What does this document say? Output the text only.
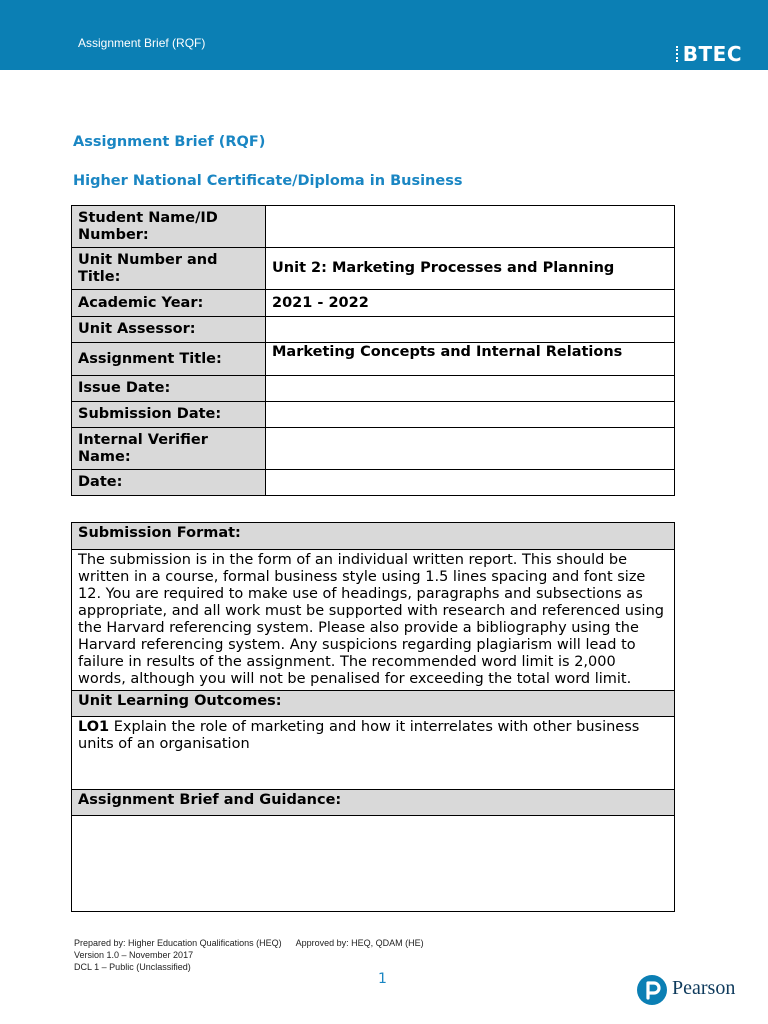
Assignment Brief (RQF)	BTEC
Assignment Brief (RQF)
Higher National Certificate/Diploma in Business
Student Name/ID Number:	
Unit Number and Title:	Unit 2: Marketing Processes and Planning
Academic Year:	2021 - 2022
Unit Assessor:	
Assignment Title:	Marketing Concepts and Internal Relations
Issue Date:	
Submission Date:	
Internal Verifier Name:	
Date:	
Submission Format:
The submission is in the form of an individual written report. This should be written in a course, formal business style using 1.5 lines spacing and font size 12. You are required to make use of headings, paragraphs and subsections as appropriate, and all work must be supported with research and referenced using the Harvard referencing system. Please also provide a bibliography using the Harvard referencing system. Any suspicions regarding plagiarism will lead to failure in results of the assignment. The recommended word limit is 2,000 words, although you will not be penalised for exceeding the total word limit.
Unit Learning Outcomes:
LO1 Explain the role of marketing and how it interrelates with other business units of an organisation
Assignment Brief and Guidance:

Prepared by: Higher Education Qualifications (HEQ) Approved by: HEQ, QDAM (HE)
Version 1.0 – November 2017
DCL 1 – Public (Unclassified)
1	Pearson
